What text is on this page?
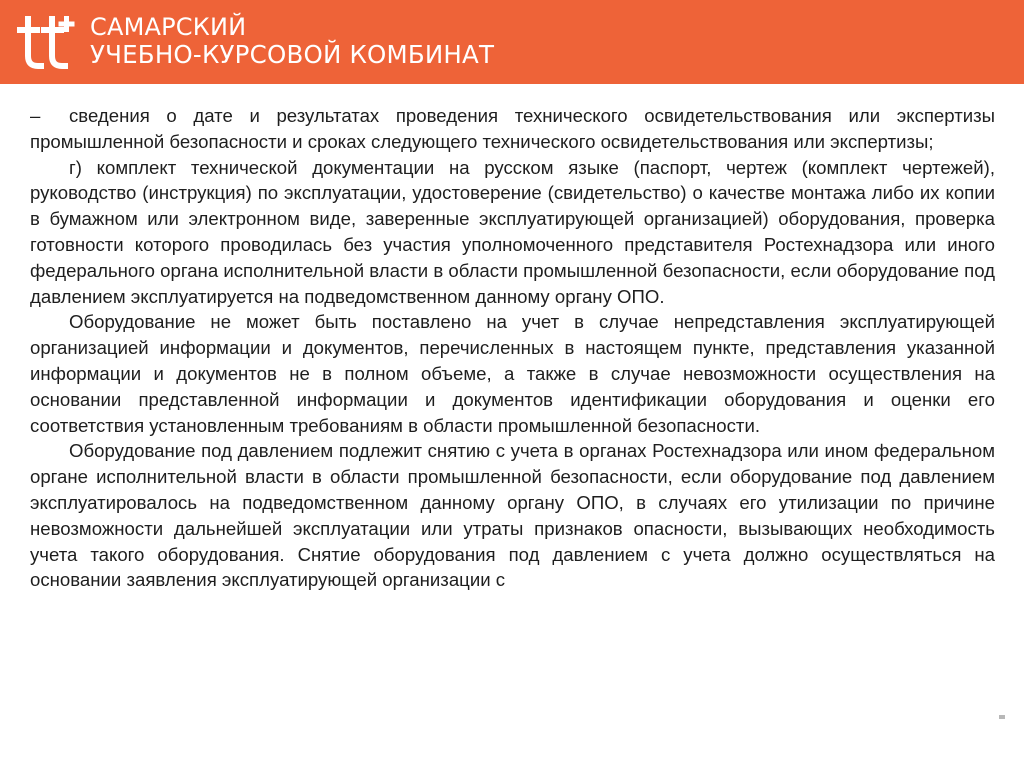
САМАРСКИЙ
УЧЕБНО-КУРСОВОЙ КОМБИНАТ

– сведения о дате и результатах проведения технического освидетельствования или экспертизы промышленной безопасности и сроках следующего технического освидетельствования или экспертизы;

г) комплект технической документации на русском языке (паспорт, чертеж (комплект чертежей), руководство (инструкция) по эксплуатации, удостоверение (свидетельство) о качестве монтажа либо их копии в бумажном или электронном виде, заверенные эксплуатирующей организацией) оборудования, проверка готовности которого проводилась без участия уполномоченного представителя Ростехнадзора или иного федерального органа исполнительной власти в области промышленной безопасности, если оборудование под давлением эксплуатируется на подведомственном данному органу ОПО.

Оборудование не может быть поставлено на учет в случае непредставления эксплуатирующей организацией информации и документов, перечисленных в настоящем пункте, представления указанной информации и документов не в полном объеме, а также в случае невозможности осуществления на основании представленной информации и документов идентификации оборудования и оценки его соответствия установленным требованиям в области промышленной безопасности.

Оборудование под давлением подлежит снятию с учета в органах Ростехнадзора или ином федеральном органе исполнительной власти в области промышленной безопасности, если оборудование под давлением эксплуатировалось на подведомственном данному органу ОПО, в случаях его утилизации по причине невозможности дальнейшей эксплуатации или утраты признаков опасности, вызывающих необходимость учета такого оборудования. Снятие оборудования под давлением с учета должно осуществляться на основании заявления эксплуатирующей организации с
